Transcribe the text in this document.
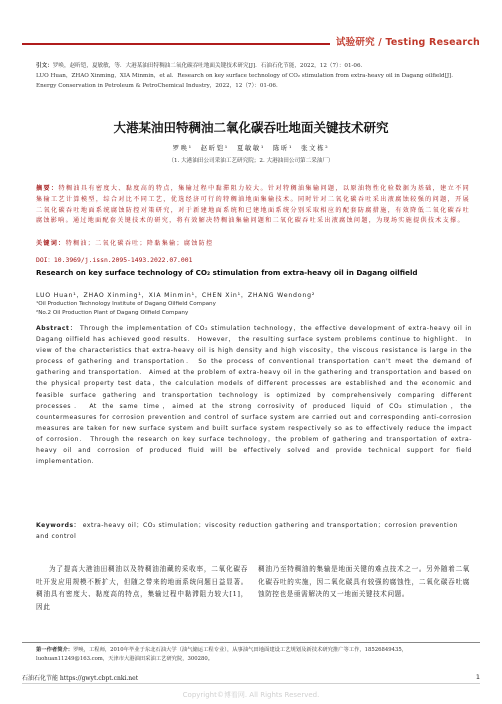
试验研究 / Testing Research
引文：罗唤，赵昕铠，夏敏敏，等．大港某油田特稠油二氧化碳吞吐地面关键技术研究[J]．石油石化节能，2022，12（7）：01-06．
LUO Huan，ZHAO Xinming，XIA Minmin，et al．Research on key surface technology of CO₂ stimulation from extra-heavy oil in Dagang oilfield[J]．Energy Conservation in Petroleum & PetroChemical Industry，2022，12（7）：01-06．
大港某油田特稠油二氧化碳吞吐地面关键技术研究
罗唤¹　赵昕铠¹　夏敏敏¹　陈昕¹　张文栋²
（1. 大港油田公司采油工艺研究院；2. 大港油田公司第二采油厂）
摘要：特稠油具有密度大、黏度高的特点，集输过程中黏滞阻力较大。针对特稠油集输问题，以原油物性化验数据为基础，建立不同集输工艺计算模型，综合对比不同工艺，优选经济可行的特稠油地面集输技术。同时针对二氧化碳吞吐采出液腐蚀较强的问题，开展二氧化碳吞吐地面系统腐蚀防控对策研究，对于新建地面系统和已建地面系统分别采取相应的配套防腐措施，有效降低二氧化碳吞吐腐蚀影响。通过地面配套关键技术的研究，将有效解决特稠油集输问题和二氧化碳吞吐采出液腐蚀问题，为现场实施提供技术支撑。
关键词：特稠油；二氧化碳吞吐；降黏集输；腐蚀防控
DOI：10.3969/j.issn.2095-1493.2022.07.001
Research on key surface technology of CO₂ stimulation from extra-heavy oil in Dagang oilfield
LUO Huan¹，ZHAO Xinming¹，XIA Minmin¹，CHEN Xin¹，ZHANG Wendong²
¹Oil Production Technology Institute of Dagang Oilfield Company
²No.2 Oil Production Plant of Dagang Oilfield Company
Abstract： Through the implementation of CO₂ stimulation technology，the effective development of extra-heavy oil in Dagang oilfield has achieved good results． However， the resulting surface system problems continue to highlight． In view of the characteristics that extra-heavy oil is high density and high viscosity，the viscous resistance is large in the process of gathering and transportation． So the process of conventional transportation can't meet the demand of gathering and transportation． Aimed at the problem of extra-heavy oil in the gathering and transportation and based on the physical property test data，the calculation models of different processes are established and the economic and feasible surface gathering and transportation technology is optimized by comprehensively comparing different processes． At the same time，aimed at the strong corrosivity of produced liquid of CO₂ stimulation，the countermeasures for corrosion prevention and control of surface system are carried out and corresponding anti-corrosion measures are taken for new surface system and built surface system respectively so as to effectively reduce the impact of corrosion． Through the research on key surface technology，the problem of gathering and transportation of extra-heavy oil and corrosion of produced fluid will be effectively solved and provide technical support for field implementation．
Keywords： extra-heavy oil；CO₂ stimulation；viscosity reduction gathering and transportation；corrosion prevention and control
为了提高大港油田稠油以及特稠油油藏的采收率，二氧化碳吞吐开发应用规模不断扩大，但随之带来的地面系统问题日益显著。稠油具有密度大、黏度高的特点，集输过程中黏滞阻力较大[1]，因此
稠油乃至特稠油的集输是地面关键的难点技术之一。另外随着二氧化碳吞吐的实施，因二氧化碳具有较强的腐蚀性，二氧化碳吞吐腐蚀防控也是亟需解决的又一地面关键技术问题。
第一作者简介：罗唤，工程师，2010年毕业于东北石油大学（油气储运工程专业），从事油气田地面建设工艺规划及新技术研究推广等工作，18526849435，luohuan11249@163.com，天津市大港油田采油工艺研究院，300280。
石油石化节能 https://gwyt.cbpt.cnki.net	1
Copyright©博看网. All Rights Reserved.
